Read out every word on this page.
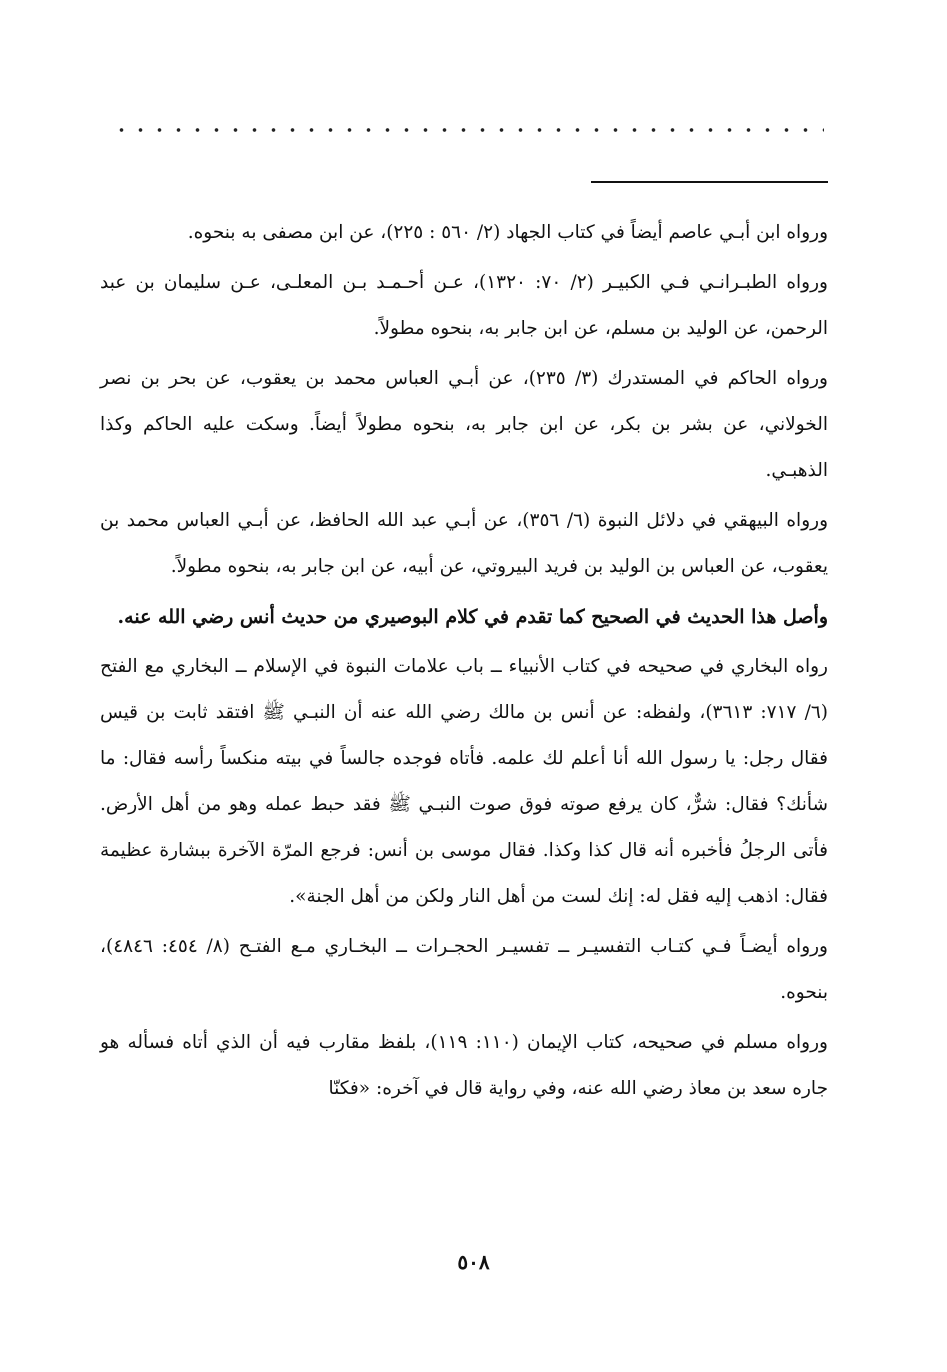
ورواه ابن أبـي عاصم أيضاً في كتاب الجهاد (٢/ ٥٦٠ : ٢٢٥)، عن ابن مصفى به بنحوه.

ورواه الطبـرانـي فـي الكبيـر (٢/ ٧٠: ١٣٢٠)، عـن أحـمـد بـن المعلـى، عـن سليمان بن عبد الرحمن، عن الوليد بن مسلم، عن ابن جابر به، بنحوه مطولاً.

ورواه الحاكم في المستدرك (٣/ ٢٣٥)، عن أبـي العباس محمد بن يعقوب، عن بحر بن نصر الخولاني، عن بشر بن بكر، عن ابن جابر به، بنحوه مطولاً أيضاً. وسكت عليه الحاكم وكذا الذهبـي.

ورواه البيهقي في دلائل النبوة (٦/ ٣٥٦)، عن أبـي عبد الله الحافظ، عن أبـي العباس محمد بن يعقوب، عن العباس بن الوليد بن فريد البيروتي، عن أبيه، عن ابن جابر به، بنحوه مطولاً.

وأصل هذا الحديث في الصحيح كما تقدم في كلام البوصيري من حديث أنس رضي الله عنه.

رواه البخاري في صحيحه في كتاب الأنبياء ــ باب علامات النبوة في الإسلام ــ البخاري مع الفتح (٦/ ٧١٧: ٣٦١٣)، ولفظه: عن أنس بن مالك رضي الله عنه أن النبـي ﷺ افتقد ثابت بن قيس فقال رجل: يا رسول الله أنا أعلم لك علمه. فأتاه فوجده جالساً في بيته منكساً رأسه فقال: ما شأنك؟ فقال: شرٌّ، كان يرفع صوته فوق صوت النبـي ﷺ فقد حبط عمله وهو من أهل الأرض. فأتى الرجلُ فأخبره أنه قال كذا وكذا. فقال موسى بن أنس: فرجع المرّة الآخرة ببشارة عظيمة فقال: اذهب إليه فقل له: إنك لست من أهل النار ولكن من أهل الجنة».

ورواه أيضـاً فـي كتـاب التفسيـر ــ تفسيـر الحجـرات ــ البخـاري مـع الفتـح (٨/ ٤٥٤: ٤٨٤٦)، بنحوه.

ورواه مسلم في صحيحه، كتاب الإيمان (١١٠: ١١٩)، بلفظ مقارب فيه أن الذي أتاه فسأله هو جاره سعد بن معاذ رضي الله عنه، وفي رواية قال في آخره: «فكنّا

٥٠٨
